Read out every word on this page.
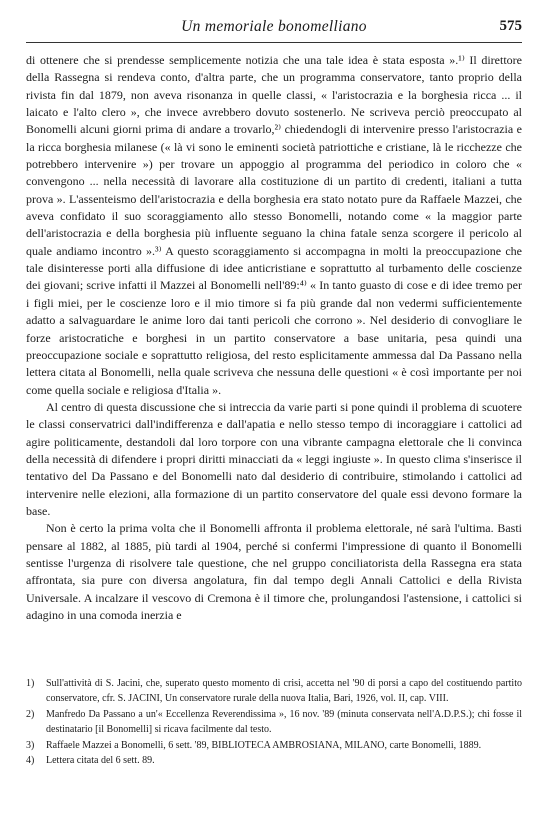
Un memoriale bonomelliano	575

di ottenere che si prendesse semplicemente notizia che una tale idea è stata esposta ».¹⁾ Il direttore della Rassegna si rendeva conto, d'altra parte, che un programma conservatore, tanto proprio della rivista fin dal 1879, non aveva risonanza in quelle classi, « l'aristocrazia e la borghesia ricca ... il laicato e l'alto clero », che invece avrebbero dovuto sostenerlo. Ne scriveva perciò preoccupato al Bonomelli alcuni giorni prima di andare a trovarlo,²⁾ chiedendogli di intervenire presso l'aristocrazia e la ricca borghesia milanese (« là vi sono le eminenti società patriottiche e cristiane, là le ricchezze che potrebbero intervenire ») per trovare un appoggio al programma del periodico in coloro che « convengono ... nella necessità di lavorare alla costituzione di un partito di credenti, italiani a tutta prova ». L'assenteismo dell'aristocrazia e della borghesia era stato notato pure da Raffaele Mazzei, che aveva confidato il suo scoraggiamento allo stesso Bonomelli, notando come « la maggior parte dell'aristocrazia e della borghesia più influente seguano la china fatale senza scorgere il pericolo al quale andiamo incontro ».³⁾ A questo scoraggiamento si accompagna in molti la preoccupazione che tale disinteresse porti alla diffusione di idee anticristiane e soprattutto al turbamento delle coscienze dei giovani; scrive infatti il Mazzei al Bonomelli nell'89:⁴⁾ « In tanto guasto di cose e di idee tremo per i figli miei, per le coscienze loro e il mio timore si fa più grande dal non vedermi sufficientemente adatto a salvaguardare le anime loro dai tanti pericoli che corrono ». Nel desiderio di convogliare le forze aristocratiche e borghesi in un partito conservatore a base unitaria, pesa quindi una preoccupazione sociale e soprattutto religiosa, del resto esplicitamente ammessa dal Da Passano nella lettera citata al Bonomelli, nella quale scriveva che nessuna delle questioni « è così importante per noi come quella sociale e religiosa d'Italia ».

Al centro di questa discussione che si intreccia da varie parti si pone quindi il problema di scuotere le classi conservatrici dall'indifferenza e dall'apatia e nello stesso tempo di incoraggiare i cattolici ad agire politicamente, destandoli dal loro torpore con una vibrante campagna elettorale che li convinca della necessità di difendere i propri diritti minacciati da « leggi ingiuste ». In questo clima s'inserisce il tentativo del Da Passano e del Bonomelli nato dal desiderio di contribuire, stimolando i cattolici ad intervenire nelle elezioni, alla formazione di un partito conservatore del quale essi devono formare la base.

Non è certo la prima volta che il Bonomelli affronta il problema elettorale, né sarà l'ultima. Basti pensare al 1882, al 1885, più tardi al 1904, perché si confermi l'impressione di quanto il Bonomelli sentisse l'urgenza di risolvere tale questione, che nel gruppo conciliatorista della Rassegna era stata affrontata, sia pure con diversa angolatura, fin dal tempo degli Annali Cattolici e della Rivista Universale. A incalzare il vescovo di Cremona è il timore che, prolungandosi l'astensione, i cattolici si adagino in una comoda inerzia e

1) Sull'attività di S. Jacini, che, superato questo momento di crisi, accetta nel '90 di porsi a capo del costituendo partito conservatore, cfr. S. JACINI, Un conservatore rurale della nuova Italia, Bari, 1926, vol. II, cap. VIII.

2) Manfredo Da Passano a un'« Eccellenza Reverendissima », 16 nov. '89 (minuta conservata nell'A.D.P.S.); chi fosse il destinatario [il Bonomelli] si ricava facilmente dal testo.

3) Raffaele Mazzei a Bonomelli, 6 sett. '89, BIBLIOTECA AMBROSIANA, MILANO, carte Bonomelli, 1889.

4) Lettera citata del 6 sett. 89.
